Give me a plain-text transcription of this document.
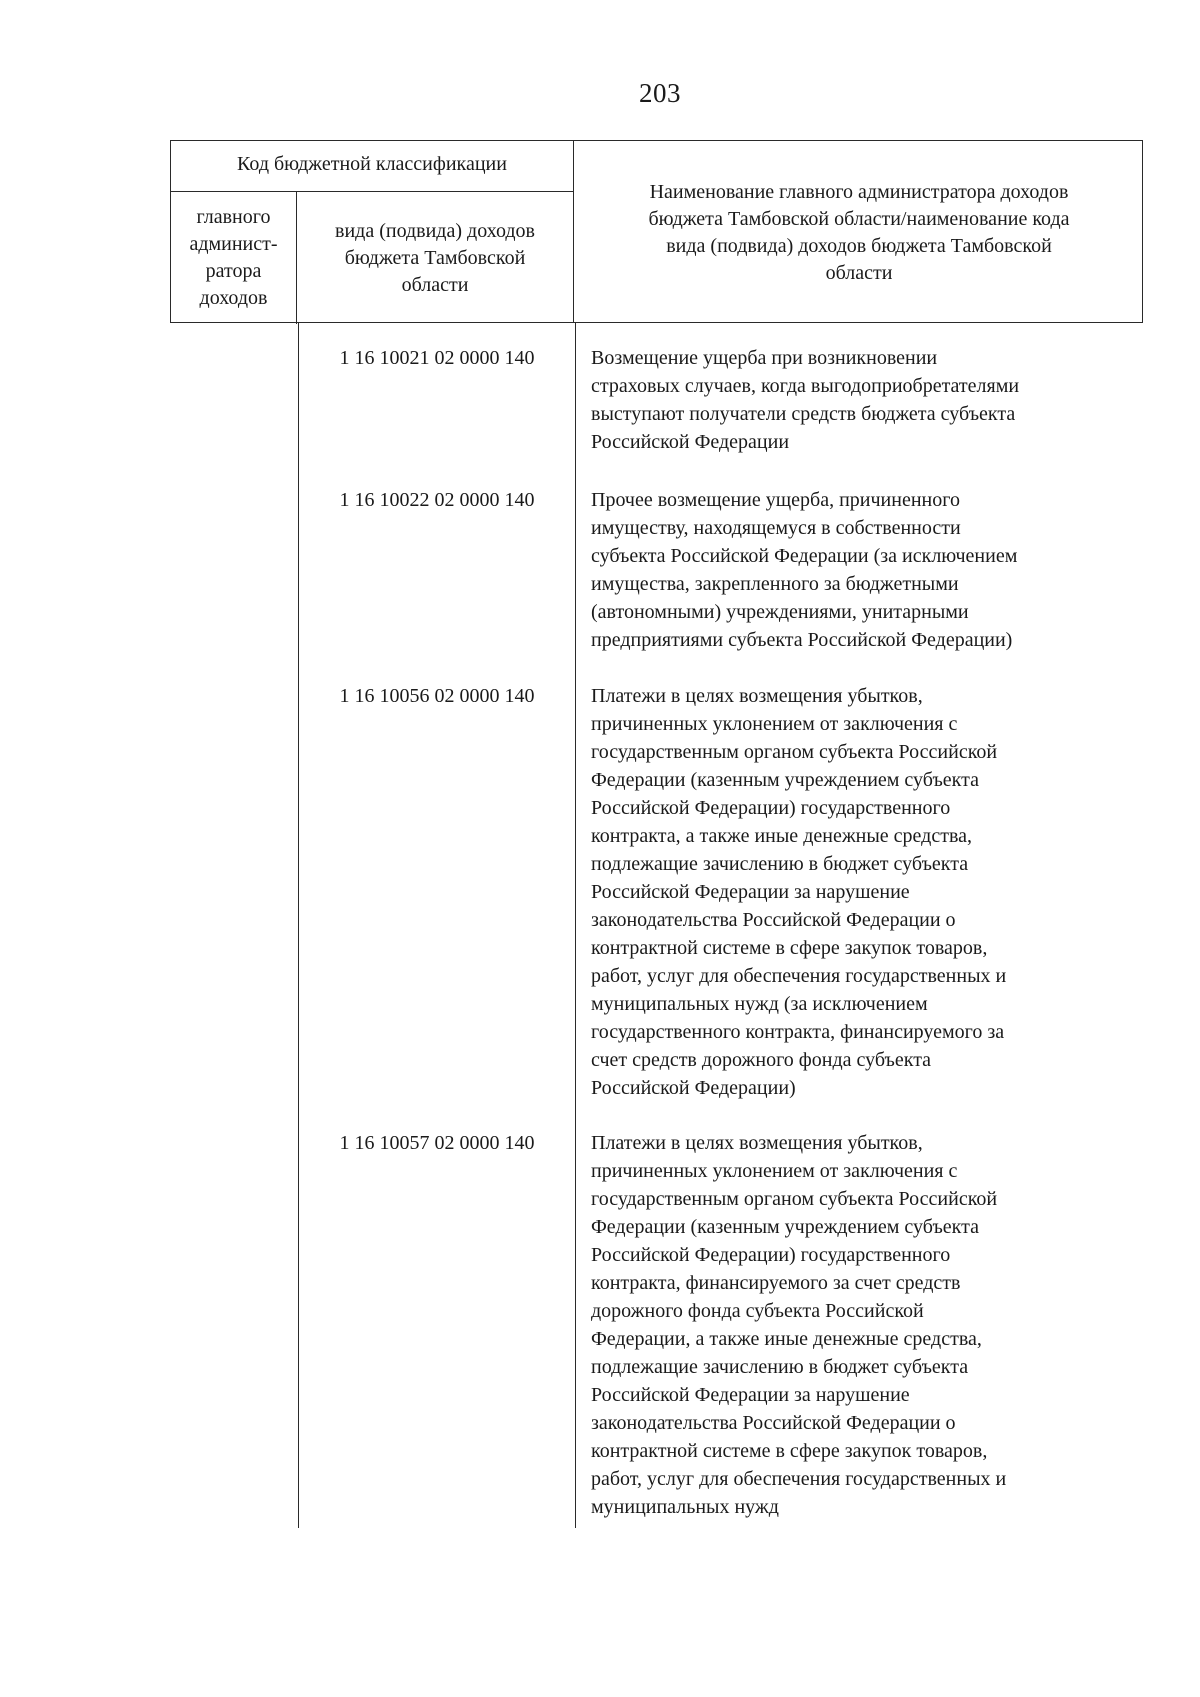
203
Код бюджетной классификации
главного
админист-
ратора
доходов
вида (подвида) доходов
бюджета Тамбовской
области
Наименование главного администратора доходов
бюджета Тамбовской области/наименование кода
вида (подвида) доходов бюджета Тамбовской
области
1 16 10021 02 0000 140	Возмещение ущерба при возникновении
страховых случаев, когда выгодоприобретателями
выступают получатели средств бюджета субъекта
Российской Федерации
1 16 10022 02 0000 140	Прочее возмещение ущерба, причиненного
имуществу, находящемуся в собственности
субъекта Российской Федерации (за исключением
имущества, закрепленного за бюджетными
(автономными) учреждениями, унитарными
предприятиями субъекта Российской Федерации)
1 16 10056 02 0000 140	Платежи в целях возмещения убытков,
причиненных уклонением от заключения с
государственным органом субъекта Российской
Федерации (казенным учреждением субъекта
Российской Федерации) государственного
контракта, а также иные денежные средства,
подлежащие зачислению в бюджет субъекта
Российской Федерации за нарушение
законодательства Российской Федерации о
контрактной системе в сфере закупок товаров,
работ, услуг для обеспечения государственных и
муниципальных нужд (за исключением
государственного контракта, финансируемого за
счет средств дорожного фонда субъекта
Российской Федерации)
1 16 10057 02 0000 140	Платежи в целях возмещения убытков,
причиненных уклонением от заключения с
государственным органом субъекта Российской
Федерации (казенным учреждением субъекта
Российской Федерации) государственного
контракта, финансируемого за счет средств
дорожного фонда субъекта Российской
Федерации, а также иные денежные средства,
подлежащие зачислению в бюджет субъекта
Российской Федерации за нарушение
законодательства Российской Федерации о
контрактной системе в сфере закупок товаров,
работ, услуг для обеспечения государственных и
муниципальных нужд
